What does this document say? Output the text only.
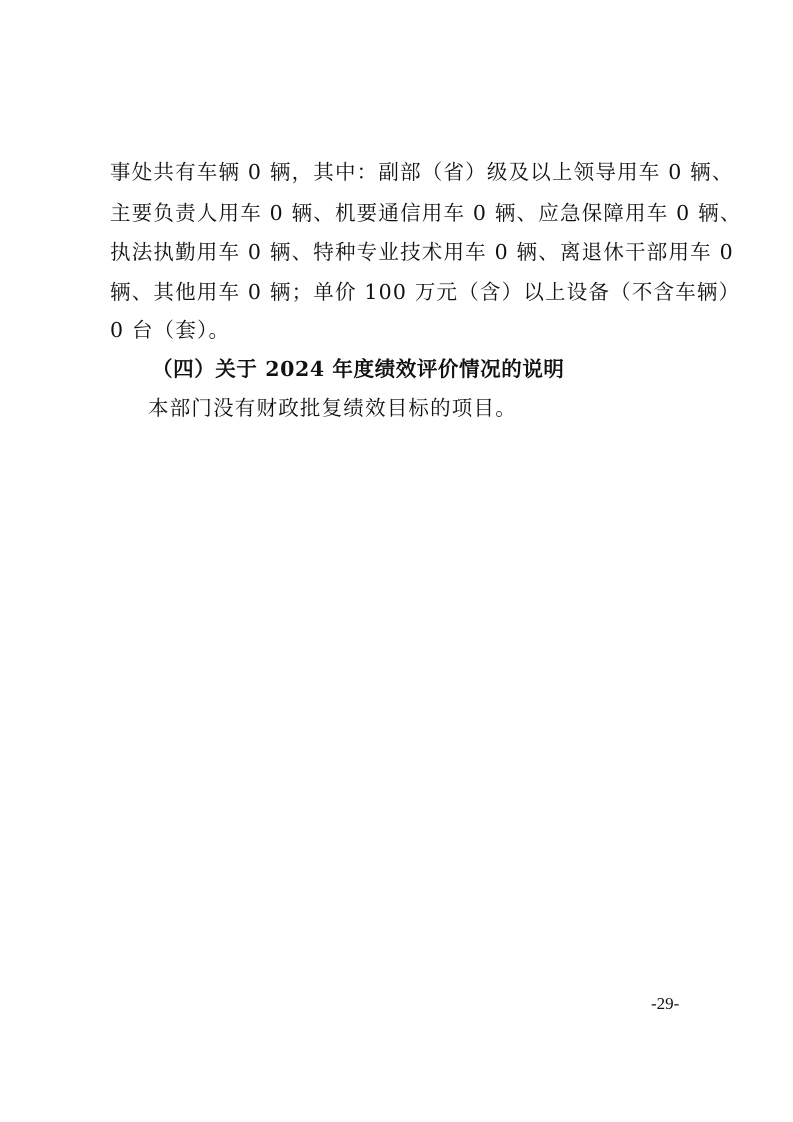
事处共有车辆 0 辆，其中：副部（省）级及以上领导用车 0 辆、
主要负责人用车 0 辆、机要通信用车 0 辆、应急保障用车 0 辆、
执法执勤用车 0 辆、特种专业技术用车 0 辆、离退休干部用车 0
辆、其他用车 0 辆；单价 100 万元（含）以上设备（不含车辆）
0 台（套）。
（四）关于 2024 年度绩效评价情况的说明
本部门没有财政批复绩效目标的项目。
-29-
